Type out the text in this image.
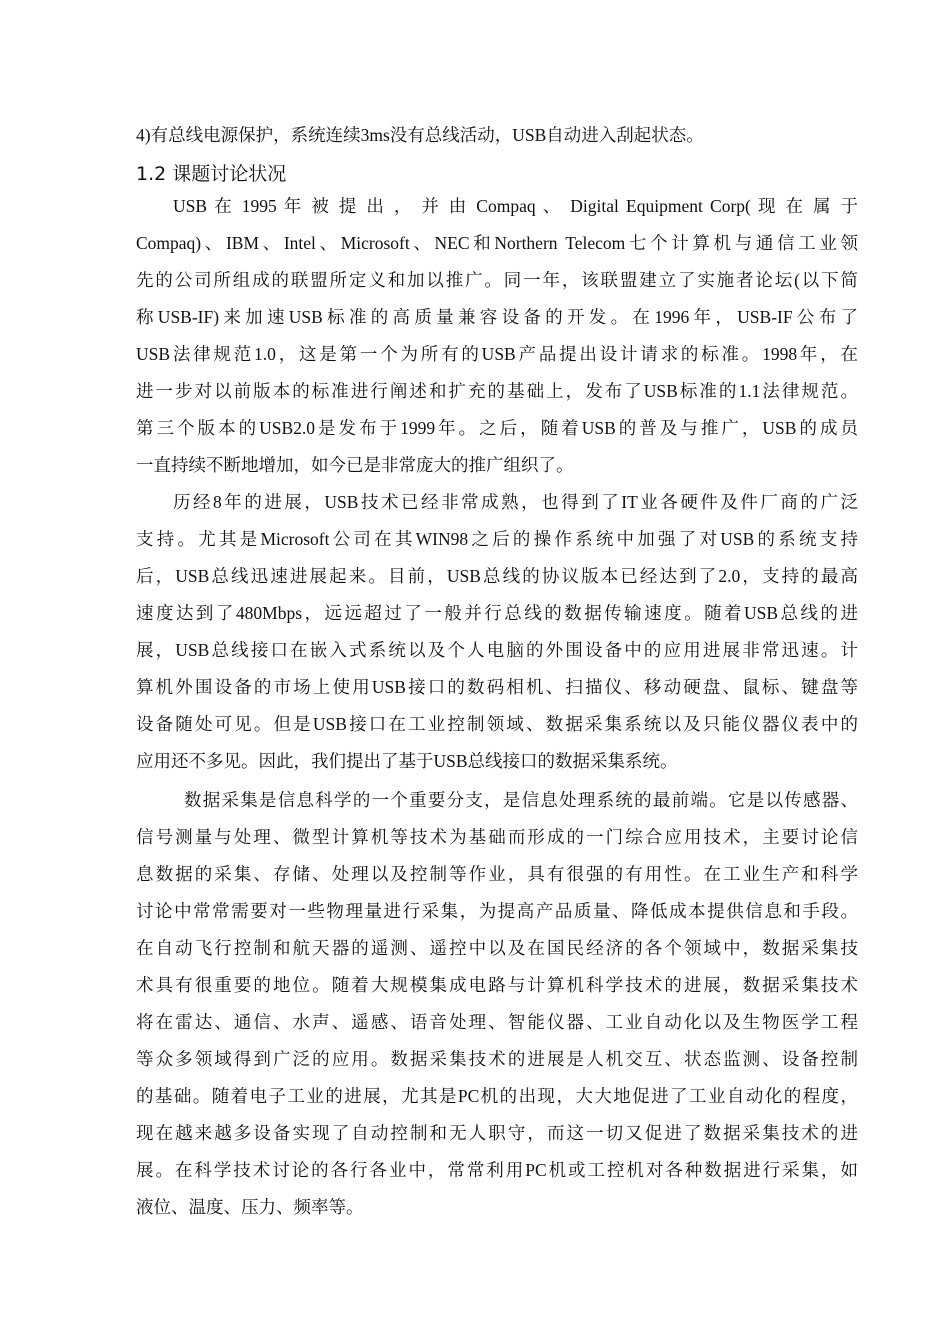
4)有总线电源保护，系统连续3ms没有总线活动，USB自动进入刮起状态。
1.2 课题讨论状况
USB 在 1995 年 被 提 出 ， 并 由 Compaq 、 Digital Equipment Corp( 现 在 属 于
Compaq)、IBM、Intel、Microsoft、NEC和Northern Telecom七个计算机与通信工业领
先的公司所组成的联盟所定义和加以推广。同一年，该联盟建立了实施者论坛(以下简
称USB-IF)来加速USB标准的高质量兼容设备的开发。在1996年，USB-IF公布了
USB法律规范1.0，这是第一个为所有的USB产品提出设计请求的标准。1998年，在
进一步对以前版本的标准进行阐述和扩充的基础上，发布了USB标准的1.1法律规范。
第三个版本的USB2.0是发布于1999年。之后，随着USB的普及与推广，USB的成员
一直持续不断地增加，如今已是非常庞大的推广组织了。
历经8年的进展，USB技术已经非常成熟，也得到了IT业各硬件及件厂商的广泛
支持。尤其是Microsoft公司在其WIN98之后的操作系统中加强了对USB的系统支持
后，USB总线迅速进展起来。目前，USB总线的协议版本已经达到了2.0，支持的最高
速度达到了480Mbps，远远超过了一般并行总线的数据传输速度。随着USB总线的进
展，USB总线接口在嵌入式系统以及个人电脑的外围设备中的应用进展非常迅速。计
算机外围设备的市场上使用USB接口的数码相机、扫描仪、移动硬盘、鼠标、键盘等
设备随处可见。但是USB接口在工业控制领域、数据采集系统以及只能仪器仪表中的
应用还不多见。因此，我们提出了基于USB总线接口的数据采集系统。
数据采集是信息科学的一个重要分支，是信息处理系统的最前端。它是以传感器、
信号测量与处理、微型计算机等技术为基础而形成的一门综合应用技术，主要讨论信
息数据的采集、存储、处理以及控制等作业，具有很强的有用性。在工业生产和科学
讨论中常常需要对一些物理量进行采集，为提高产品质量、降低成本提供信息和手段。
在自动飞行控制和航天器的遥测、遥控中以及在国民经济的各个领域中，数据采集技
术具有很重要的地位。随着大规模集成电路与计算机科学技术的进展，数据采集技术
将在雷达、通信、水声、遥感、语音处理、智能仪器、工业自动化以及生物医学工程
等众多领域得到广泛的应用。数据采集技术的进展是人机交互、状态监测、设备控制
的基础。随着电子工业的进展，尤其是PC机的出现，大大地促进了工业自动化的程度，
现在越来越多设备实现了自动控制和无人职守，而这一切又促进了数据采集技术的进
展。在科学技术讨论的各行各业中，常常利用PC机或工控机对各种数据进行采集，如
液位、温度、压力、频率等。
